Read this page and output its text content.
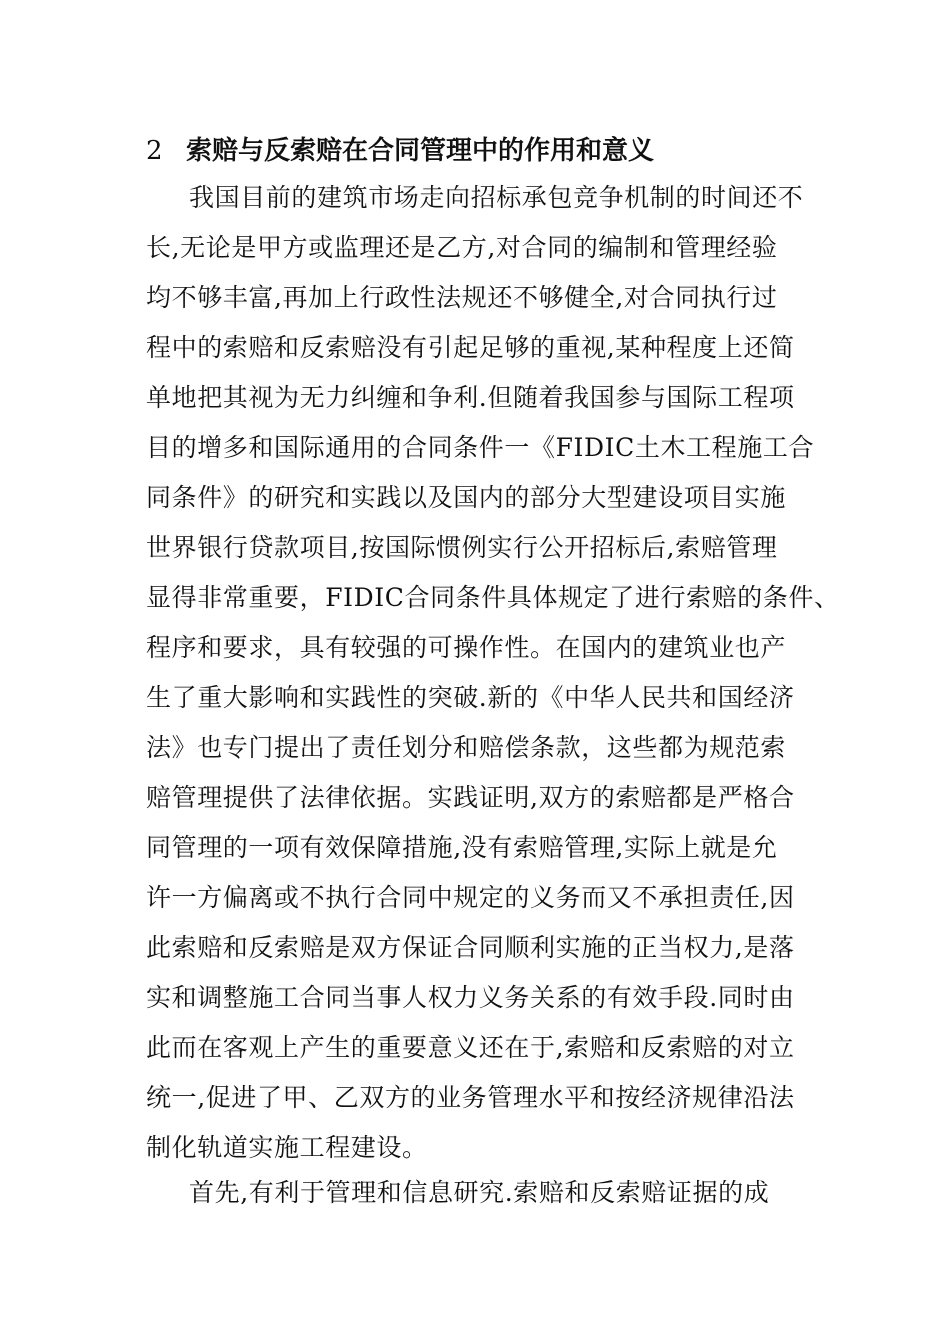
2 索赔与反索赔在合同管理中的作用和意义
我国目前的建筑市场走向招标承包竞争机制的时间还不
长,无论是甲方或监理还是乙方,对合同的编制和管理经验
均不够丰富,再加上行政性法规还不够健全,对合同执行过
程中的索赔和反索赔没有引起足够的重视,某种程度上还简
单地把其视为无力纠缠和争利.但随着我国参与国际工程项
目的增多和国际通用的合同条件一《FIDIC土木工程施工合
同条件》的研究和实践以及国内的部分大型建设项目实施
世界银行贷款项目,按国际惯例实行公开招标后,索赔管理
显得非常重要，FIDIC合同条件具体规定了进行索赔的条件、
程序和要求，具有较强的可操作性。在国内的建筑业也产
生了重大影响和实践性的突破.新的《中华人民共和国经济
法》也专门提出了责任划分和赔偿条款，这些都为规范索
赔管理提供了法律依据。实践证明,双方的索赔都是严格合
同管理的一项有效保障措施,没有索赔管理,实际上就是允
许一方偏离或不执行合同中规定的义务而又不承担责任,因
此索赔和反索赔是双方保证合同顺利实施的正当权力,是落
实和调整施工合同当事人权力义务关系的有效手段.同时由
此而在客观上产生的重要意义还在于,索赔和反索赔的对立
统一,促进了甲、乙双方的业务管理水平和按经济规律沿法
制化轨道实施工程建设。
首先,有利于管理和信息研究.索赔和反索赔证据的成
